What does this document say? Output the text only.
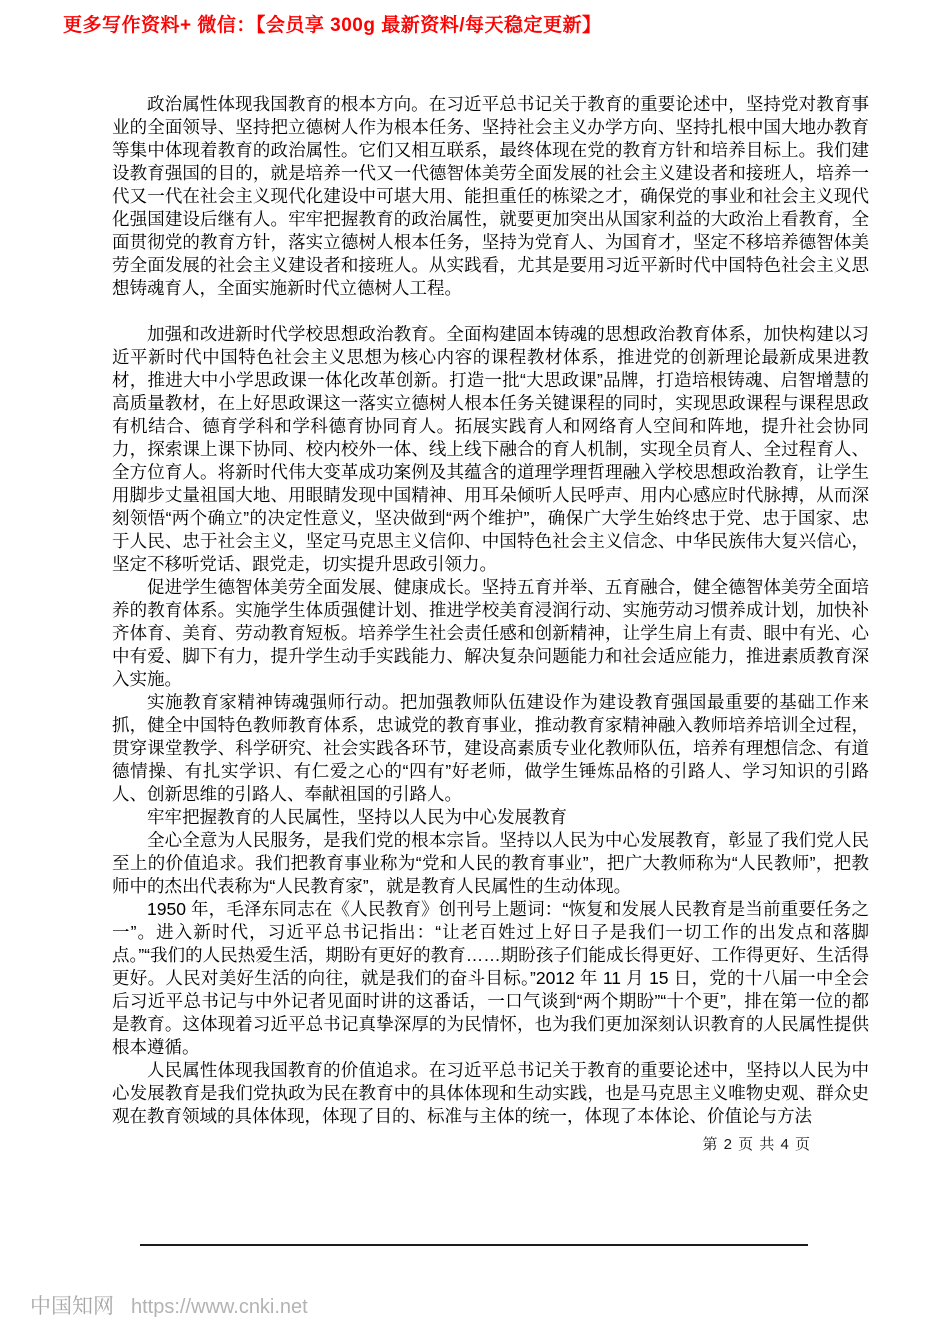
更多写作资料+ 微信：【会员享 300g 最新资料/每天稳定更新】

政治属性体现我国教育的根本方向。在习近平总书记关于教育的重要论述中，坚持党对教育事业的全面领导、坚持把立德树人作为根本任务、坚持社会主义办学方向、坚持扎根中国大地办教育等集中体现着教育的政治属性。它们又相互联系，最终体现在党的教育方针和培养目标上。我们建设教育强国的目的，就是培养一代又一代德智体美劳全面发展的社会主义建设者和接班人，培养一代又一代在社会主义现代化建设中可堪大用、能担重任的栋梁之才，确保党的事业和社会主义现代化强国建设后继有人。牢牢把握教育的政治属性，就要更加突出从国家利益的大政治上看教育，全面贯彻党的教育方针，落实立德树人根本任务，坚持为党育人、为国育才，坚定不移培养德智体美劳全面发展的社会主义建设者和接班人。从实践看，尤其是要用习近平新时代中国特色社会主义思想铸魂育人，全面实施新时代立德树人工程。

加强和改进新时代学校思想政治教育。全面构建固本铸魂的思想政治教育体系，加快构建以习近平新时代中国特色社会主义思想为核心内容的课程教材体系，推进党的创新理论最新成果进教材，推进大中小学思政课一体化改革创新。打造一批“大思政课”品牌，打造培根铸魂、启智增慧的高质量教材，在上好思政课这一落实立德树人根本任务关键课程的同时，实现思政课程与课程思政有机结合、德育学科和学科德育协同育人。拓展实践育人和网络育人空间和阵地，提升社会协同力，探索课上课下协同、校内校外一体、线上线下融合的育人机制，实现全员育人、全过程育人、全方位育人。将新时代伟大变革成功案例及其蕴含的道理学理哲理融入学校思想政治教育，让学生用脚步丈量祖国大地、用眼睛发现中国精神、用耳朵倾听人民呼声、用内心感应时代脉搏，从而深刻领悟“两个确立”的决定性意义，坚决做到“两个维护”，确保广大学生始终忠于党、忠于国家、忠于人民、忠于社会主义，坚定马克思主义信仰、中国特色社会主义信念、中华民族伟大复兴信心，坚定不移听党话、跟党走，切实提升思政引领力。

促进学生德智体美劳全面发展、健康成长。坚持五育并举、五育融合，健全德智体美劳全面培养的教育体系。实施学生体质强健计划、推进学校美育浸润行动、实施劳动习惯养成计划，加快补齐体育、美育、劳动教育短板。培养学生社会责任感和创新精神，让学生肩上有责、眼中有光、心中有爱、脚下有力，提升学生动手实践能力、解决复杂问题能力和社会适应能力，推进素质教育深入实施。

实施教育家精神铸魂强师行动。把加强教师队伍建设作为建设教育强国最重要的基础工作来抓，健全中国特色教师教育体系，忠诚党的教育事业，推动教育家精神融入教师培养培训全过程，贯穿课堂教学、科学研究、社会实践各环节，建设高素质专业化教师队伍，培养有理想信念、有道德情操、有扎实学识、有仁爱之心的“四有”好老师，做学生锤炼品格的引路人、学习知识的引路人、创新思维的引路人、奉献祖国的引路人。

牢牢把握教育的人民属性，坚持以人民为中心发展教育

全心全意为人民服务，是我们党的根本宗旨。坚持以人民为中心发展教育，彰显了我们党人民至上的价值追求。我们把教育事业称为“党和人民的教育事业”，把广大教师称为“人民教师”，把教师中的杰出代表称为“人民教育家”，就是教育人民属性的生动体现。

1950 年，毛泽东同志在《人民教育》创刊号上题词：“恢复和发展人民教育是当前重要任务之一”。进入新时代，习近平总书记指出：“让老百姓过上好日子是我们一切工作的出发点和落脚点。”“我们的人民热爱生活，期盼有更好的教育……期盼孩子们能成长得更好、工作得更好、生活得更好。人民对美好生活的向往，就是我们的奋斗目标。”2012 年 11 月 15 日，党的十八届一中全会后习近平总书记与中外记者见面时讲的这番话，一口气谈到“两个期盼”“十个更”，排在第一位的都是教育。这体现着习近平总书记真挚深厚的为民情怀，也为我们更加深刻认识教育的人民属性提供根本遵循。

人民属性体现我国教育的价值追求。在习近平总书记关于教育的重要论述中，坚持以人民为中心发展教育是我们党执政为民在教育中的具体体现和生动实践，也是马克思主义唯物史观、群众史观在教育领域的具体体现，体现了目的、标准与主体的统一，体现了本体论、价值论与方法

第 2 页 共 4 页
中国知网 https://www.cnki.net
